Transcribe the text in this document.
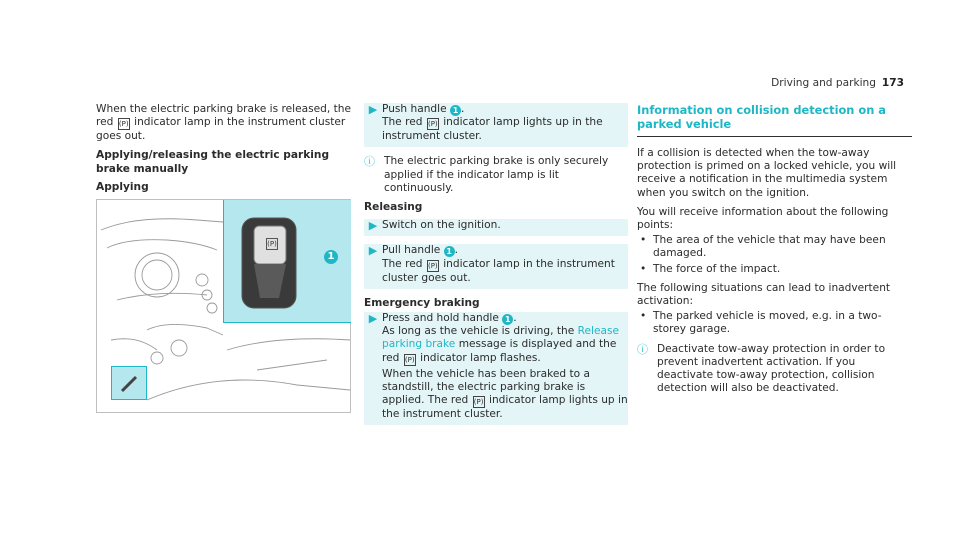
Driving and parking 173

When the electric parking brake is released, the red (P) indicator lamp in the instrument cluster goes out.

Applying/releasing the electric parking brake manually

Applying

(P)
1
▶ Push handle 1 .
The red (P) indicator lamp lights up in the instrument cluster.
ⓘ The electric parking brake is only securely applied if the indicator lamp is lit continuously.

Releasing

▶ Switch on the ignition.
▶ Pull handle 1 .
The red (P) indicator lamp in the instrument cluster goes out.

Emergency braking

▶ Press and hold handle 1 .
As long as the vehicle is driving, the Release parking brake message is displayed and the red (P) indicator lamp flashes.
When the vehicle has been braked to a standstill, the electric parking brake is applied. The red (P) indicator lamp lights up in the instrument cluster.
Information on collision detection on a parked vehicle

If a collision is detected when the tow-away protection is primed on a locked vehicle, you will receive a notification in the multimedia system when you switch on the ignition.

You will receive information about the following points:

• The area of the vehicle that may have been damaged.
• The force of the impact.

The following situations can lead to inadvertent activation:

• The parked vehicle is moved, e.g. in a two-storey garage.
ⓘ Deactivate tow-away protection in order to prevent inadvertent activation. If you deactivate tow-away protection, collision detection will also be deactivated.
